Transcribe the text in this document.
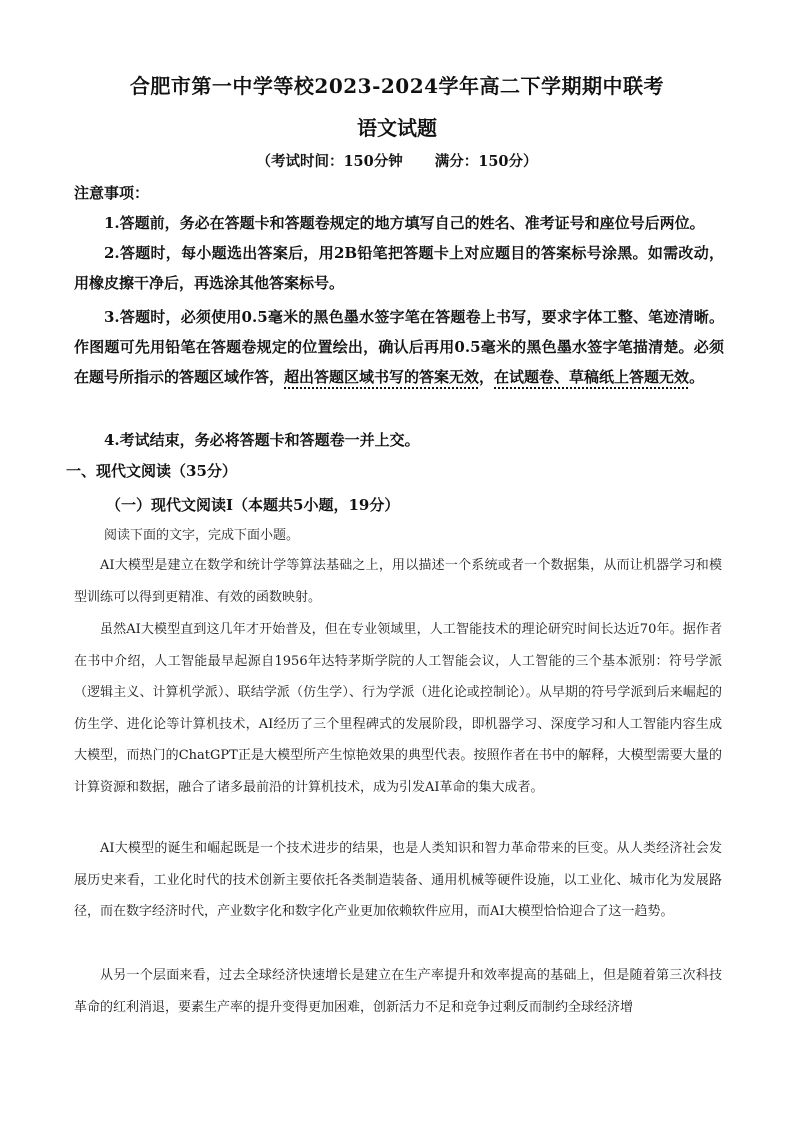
合肥市第一中学等校2023-2024学年高二下学期期中联考
语文试题
（考试时间：150分钟 满分：150分）
注意事项：
1.答题前，务必在答题卡和答题卷规定的地方填写自己的姓名、准考证号和座位号后两位。
2.答题时，每小题选出答案后，用2B铅笔把答题卡上对应题目的答案标号涂黑。如需改动，用橡皮擦干净后，再选涂其他答案标号。
3.答题时，必须使用0.5毫米的黑色墨水签字笔在答题卷上书写，要求字体工整、笔迹清晰。作图题可先用铅笔在答题卷规定的位置绘出，确认后再用0.5毫米的黑色墨水签字笔描清楚。必须在题号所指示的答题区域作答，超出答题区域书写的答案无效，在试题卷、草稿纸上答题无效。
4.考试结束，务必将答题卡和答题卷一并上交。
一、现代文阅读（35分）
（一）现代文阅读Ⅰ（本题共5小题，19分）
阅读下面的文字，完成下面小题。
AI大模型是建立在数学和统计学等算法基础之上，用以描述一个系统或者一个数据集，从而让机器学习和模型训练可以得到更精准、有效的函数映射。
虽然AI大模型直到这几年才开始普及，但在专业领域里，人工智能技术的理论研究时间长达近70年。据作者在书中介绍，人工智能最早起源自1956年达特茅斯学院的人工智能会议，人工智能的三个基本派别：符号学派（逻辑主义、计算机学派）、联结学派（仿生学）、行为学派（进化论或控制论）。从早期的符号学派到后来崛起的仿生学、进化论等计算机技术，AI经历了三个里程碑式的发展阶段，即机器学习、深度学习和人工智能内容生成大模型，而热门的ChatGPT正是大模型所产生惊艳效果的典型代表。按照作者在书中的解释，大模型需要大量的计算资源和数据，融合了诸多最前沿的计算机技术，成为引发AI革命的集大成者。
AI大模型的诞生和崛起既是一个技术进步的结果，也是人类知识和智力革命带来的巨变。从人类经济社会发展历史来看，工业化时代的技术创新主要依托各类制造装备、通用机械等硬件设施，以工业化、城市化为发展路径，而在数字经济时代，产业数字化和数字化产业更加依赖软件应用，而AI大模型恰恰迎合了这一趋势。
从另一个层面来看，过去全球经济快速增长是建立在生产率提升和效率提高的基础上，但是随着第三次科技革命的红利消退，要素生产率的提升变得更加困难，创新活力不足和竞争过剩反而制约全球经济增
